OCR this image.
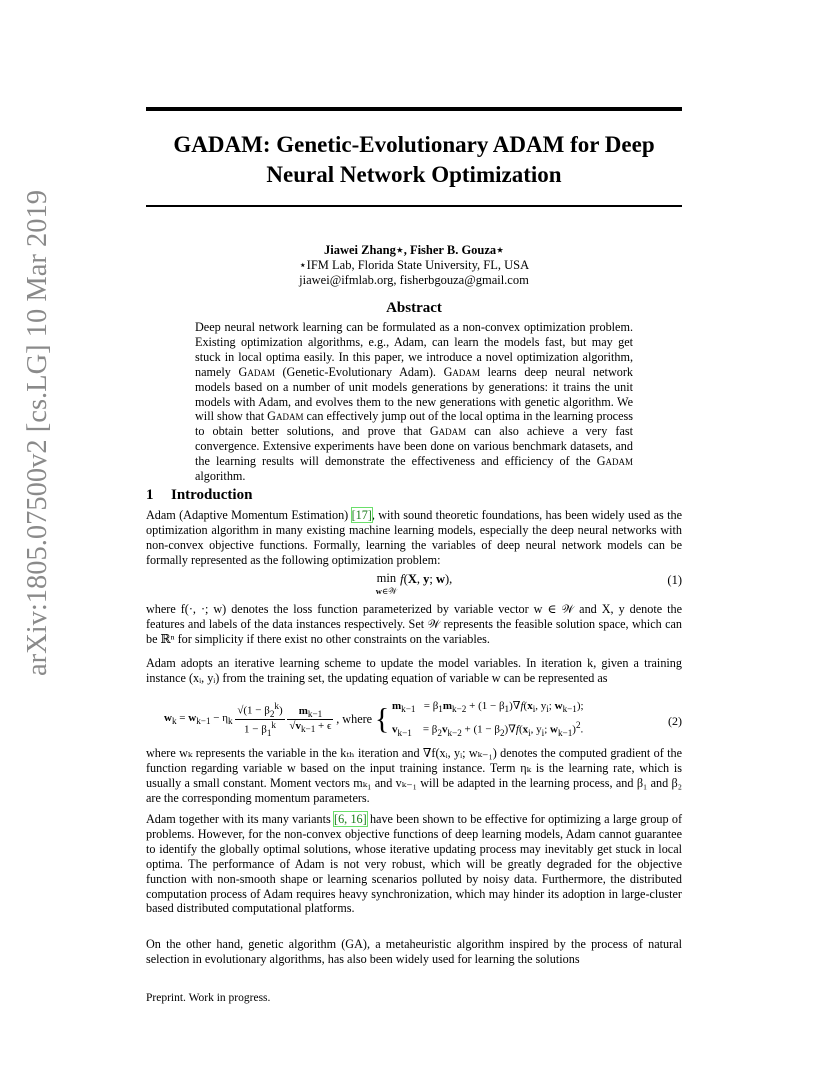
arXiv:1805.07500v2 [cs.LG] 10 Mar 2019
GADAM: Genetic-Evolutionary ADAM for Deep
Neural Network Optimization
Jiawei Zhang⋆, Fisher B. Gouza⋆
⋆IFM Lab, Florida State University, FL, USA
jiawei@ifmlab.org, fisherbgouza@gmail.com
Abstract
Deep neural network learning can be formulated as a non-convex optimization problem. Existing optimization algorithms, e.g., Adam, can learn the models fast, but may get stuck in local optima easily. In this paper, we introduce a novel optimization algorithm, namely Gadam (Genetic-Evolutionary Adam). Gadam learns deep neural network models based on a number of unit models generations by generations: it trains the unit models with Adam, and evolves them to the new generations with genetic algorithm. We will show that Gadam can effectively jump out of the local optima in the learning process to obtain better solutions, and prove that Gadam can also achieve a very fast convergence. Extensive experiments have been done on various benchmark datasets, and the learning results will demonstrate the effectiveness and efficiency of the Gadam algorithm.
1 Introduction
Adam (Adaptive Momentum Estimation) [17], with sound theoretic foundations, has been widely used as the optimization algorithm in many existing machine learning models, especially the deep neural networks with non-convex objective functions. Formally, learning the variables of deep neural network models can be formally represented as the following optimization problem:
min
w∈𝒲 f(X, y; w),	(1)
where f(·, ·; w) denotes the loss function parameterized by variable vector w ∈ 𝒲 and X, y denote the features and labels of the data instances respectively. Set 𝒲 represents the feasible solution space, which can be ℝⁿ for simplicity if there exist no other constraints on the variables.
Adam adopts an iterative learning scheme to update the model variables. In iteration k, given a training instance (xᵢ, yᵢ) from the training set, the updating equation of variable w can be represented as
$w_k = w_{k-1} - \eta_k \frac{√(1 - \beta_2^k)}{1 - \beta_1^k}$
$\frac{m_{k-1}}{√v_{k-1} + \epsilon}$ , where { $m_{k-1} = \beta_1m_{k-2} + (1 - \beta_1)\nabla f(x_i$, $y_i$; $w_{k-1}$);
$v_{k-1}$    = $\beta_2v_{k-2} + (1 - \beta_2)\nabla f(x_i$, $y_i$; $w_{k-1})^2$.
(2)
where wₖ represents the variable in the kₜₕ iteration and ∇f(xᵢ, yᵢ; wₖ₋₁) denotes the computed gradient of the function regarding variable w based on the input training instance. Term ηₖ is the learning rate, which is usually a small constant. Moment vectors mₖ₁ and vₖ₋₁ will be adapted in the learning process, and β₁ and β₂ are the corresponding momentum parameters.
Adam together with its many variants [6, 16] have been shown to be effective for optimizing a large group of problems. However, for the non-convex objective functions of deep learning models, Adam cannot guarantee to identify the globally optimal solutions, whose iterative updating process may inevitably get stuck in local optima. The performance of Adam is not very robust, which will be greatly degraded for the objective function with non-smooth shape or learning scenarios polluted by noisy data. Furthermore, the distributed computation process of Adam requires heavy synchronization, which may hinder its adoption in large-cluster based distributed computational platforms.
On the other hand, genetic algorithm (GA), a metaheuristic algorithm inspired by the process of natural selection in evolutionary algorithms, has also been widely used for learning the solutions
Preprint. Work in progress.
